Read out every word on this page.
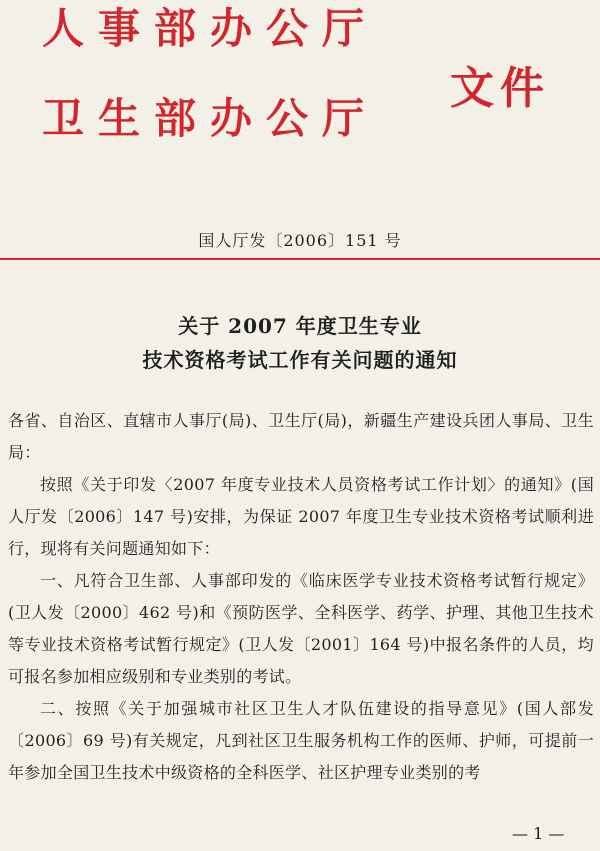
人事部办公厅
卫生部办公厅
文件
国人厅发〔2006〕151 号
关于 2007 年度卫生专业
技术资格考试工作有关问题的通知

各省、自治区、直辖市人事厅(局)、卫生厅(局)，新疆生产建设兵团人事局、卫生局：

按照《关于印发〈2007 年度专业技术人员资格考试工作计划〉的通知》(国人厅发〔2006〕147 号)安排，为保证 2007 年度卫生专业技术资格考试顺利进行，现将有关问题通知如下：

一、凡符合卫生部、人事部印发的《临床医学专业技术资格考试暂行规定》(卫人发〔2000〕462 号)和《预防医学、全科医学、药学、护理、其他卫生技术等专业技术资格考试暂行规定》(卫人发〔2001〕164 号)中报名条件的人员，均可报名参加相应级别和专业类别的考试。

二、按照《关于加强城市社区卫生人才队伍建设的指导意见》(国人部发〔2006〕69 号)有关规定，凡到社区卫生服务机构工作的医师、护师，可提前一年参加全国卫生技术中级资格的全科医学、社区护理专业类别的考

— 1 —
